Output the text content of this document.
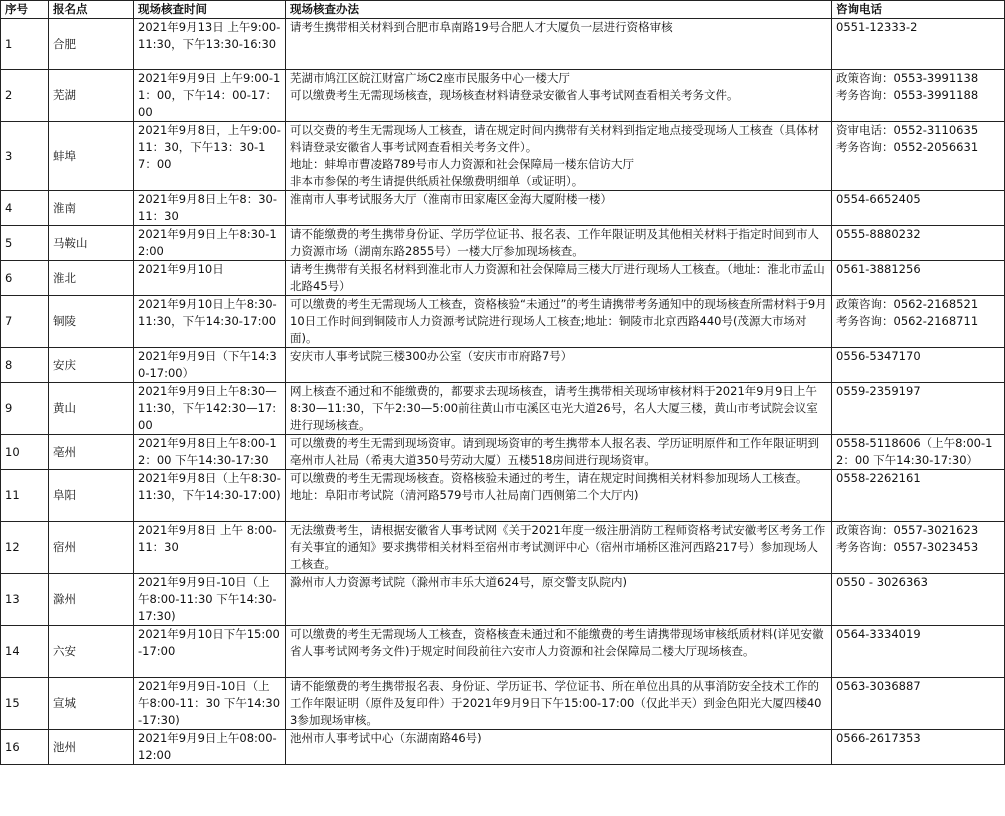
序号	报名点	现场核查时间	现场核查办法	咨询电话
1	合肥	2021年9月13日 上午9:00-11:30，下午13:30-16:30	请考生携带相关材料到合肥市阜南路19号合肥人才大厦负一层进行资格审核	0551-12333-2

2	芜湖	2021年9月9日 上午9:00-11：00，下午14：00-17：00	芜湖市鸠江区皖江财富广场C2座市民服务中心一楼大厅
可以缴费考生无需现场核查，现场核查材料请登录安徽省人事考试网查看相关考务文件。	政策咨询：0553-3991138
考务咨询：0553-3991188

3	蚌埠	2021年9月8日，上午9:00-11：30，下午13：30-17：00	可以交费的考生无需现场人工核查，请在规定时间内携带有关材料到指定地点接受现场人工核查（具体材料请登录安徽省人事考试网查看相关考务文件）。
地址：蚌埠市曹凌路789号市人力资源和社会保障局一楼东信访大厅
非本市参保的考生请提供纸质社保缴费明细单（或证明）。	资审电话：0552-3110635
考务咨询：0552-2056631

4	淮南	2021年9月8日上午8：30-11：30	淮南市人事考试服务大厅（淮南市田家庵区金海大厦附楼一楼）	0554-6652405

5	马鞍山	2021年9月9日上午8:30-12:00	请不能缴费的考生携带身份证、学历学位证书、报名表、工作年限证明及其他相关材料于指定时间到市人力资源市场（湖南东路2855号）一楼大厅参加现场核查。	0555-8880232

6	淮北	2021年9月10日	请考生携带有关报名材料到淮北市人力资源和社会保障局三楼大厅进行现场人工核查。（地址：淮北市孟山北路45号）	0561-3881256

7	铜陵	2021年9月10日上午8:30-11:30，下午14:30-17:00	可以缴费的考生无需现场人工核查，资格核验“未通过”的考生请携带考务通知中的现场核查所需材料于9月10日工作时间到铜陵市人力资源考试院进行现场人工核查;地址：铜陵市北京西路440号(茂源大市场对面)。	政策咨询：0562-2168521
考务咨询：0562-2168711

8	安庆	2021年9月9日（下午14:30-17:00）	安庆市人事考试院三楼300办公室（安庆市市府路7号）	0556-5347170

9	黄山	2021年9月9日上午8:30—11:30，下午142:30—17:00	网上核查不通过和不能缴费的，都要求去现场核查，请考生携带相关现场审核材料于2021年9月9日上午8:30—11:30，下午2:30—5:00前往黄山市屯溪区屯光大道26号，名人大厦三楼，黄山市考试院会议室进行现场核查。	0559-2359197

10	亳州	2021年9月8日上午8:00-12：00 下午14:30-17:30	可以缴费的考生无需到现场资审。请到现场资审的考生携带本人报名表、学历证明原件和工作年限证明到亳州市人社局（希夷大道350号劳动大厦）五楼518房间进行现场资审。	0558-5118606（上午8:00-12：00 下午14:30-17:30）

11	阜阳	2021年9月8日（上午8:30-11:30，下午14:30-17:00)	可以缴费的考生无需现场核查。资格核验未通过的考生，请在规定时间携相关材料参加现场人工核查。
地址：阜阳市考试院（清河路579号市人社局南门西侧第二个大厅内)	0558-2262161

12	宿州	2021年9月8日 上午 8:00-11：30	无法缴费考生，请根据安徽省人事考试网《关于2021年度一级注册消防工程师资格考试安徽考区考务工作有关事宜的通知》要求携带相关材料至宿州市考试测评中心（宿州市埇桥区淮河西路217号）参加现场人工核查。	政策咨询：0557-3021623
考务咨询：0557-3023453

13	滁州	2021年9月9日-10日（上午8:00-11:30 下午14:30-17:30)	滁州市人力资源考试院（滁州市丰乐大道624号，原交警支队院内)	0550 - 3026363

14	六安	2021年9月10日下午15:00-17:00	可以缴费的考生无需现场人工核查，资格核查未通过和不能缴费的考生请携带现场审核纸质材料(详见安徽省人事考试网考务文件)于规定时间段前往六安市人力资源和社会保障局二楼大厅现场核查。	0564-3334019

15	宣城	2021年9月9日-10日（上午8:00-11：30 下午14:30-17:30)	请不能缴费的考生携带报名表、身份证、学历证书、学位证书、所在单位出具的从事消防安全技术工作的工作年限证明（原件及复印件）于2021年9月9日下午15:00-17:00（仅此半天）到金色阳光大厦四楼403参加现场审核。	0563-3036887

16	池州	2021年9月9日上午08:00-12:00	池州市人事考试中心（东湖南路46号)	0566-2617353
